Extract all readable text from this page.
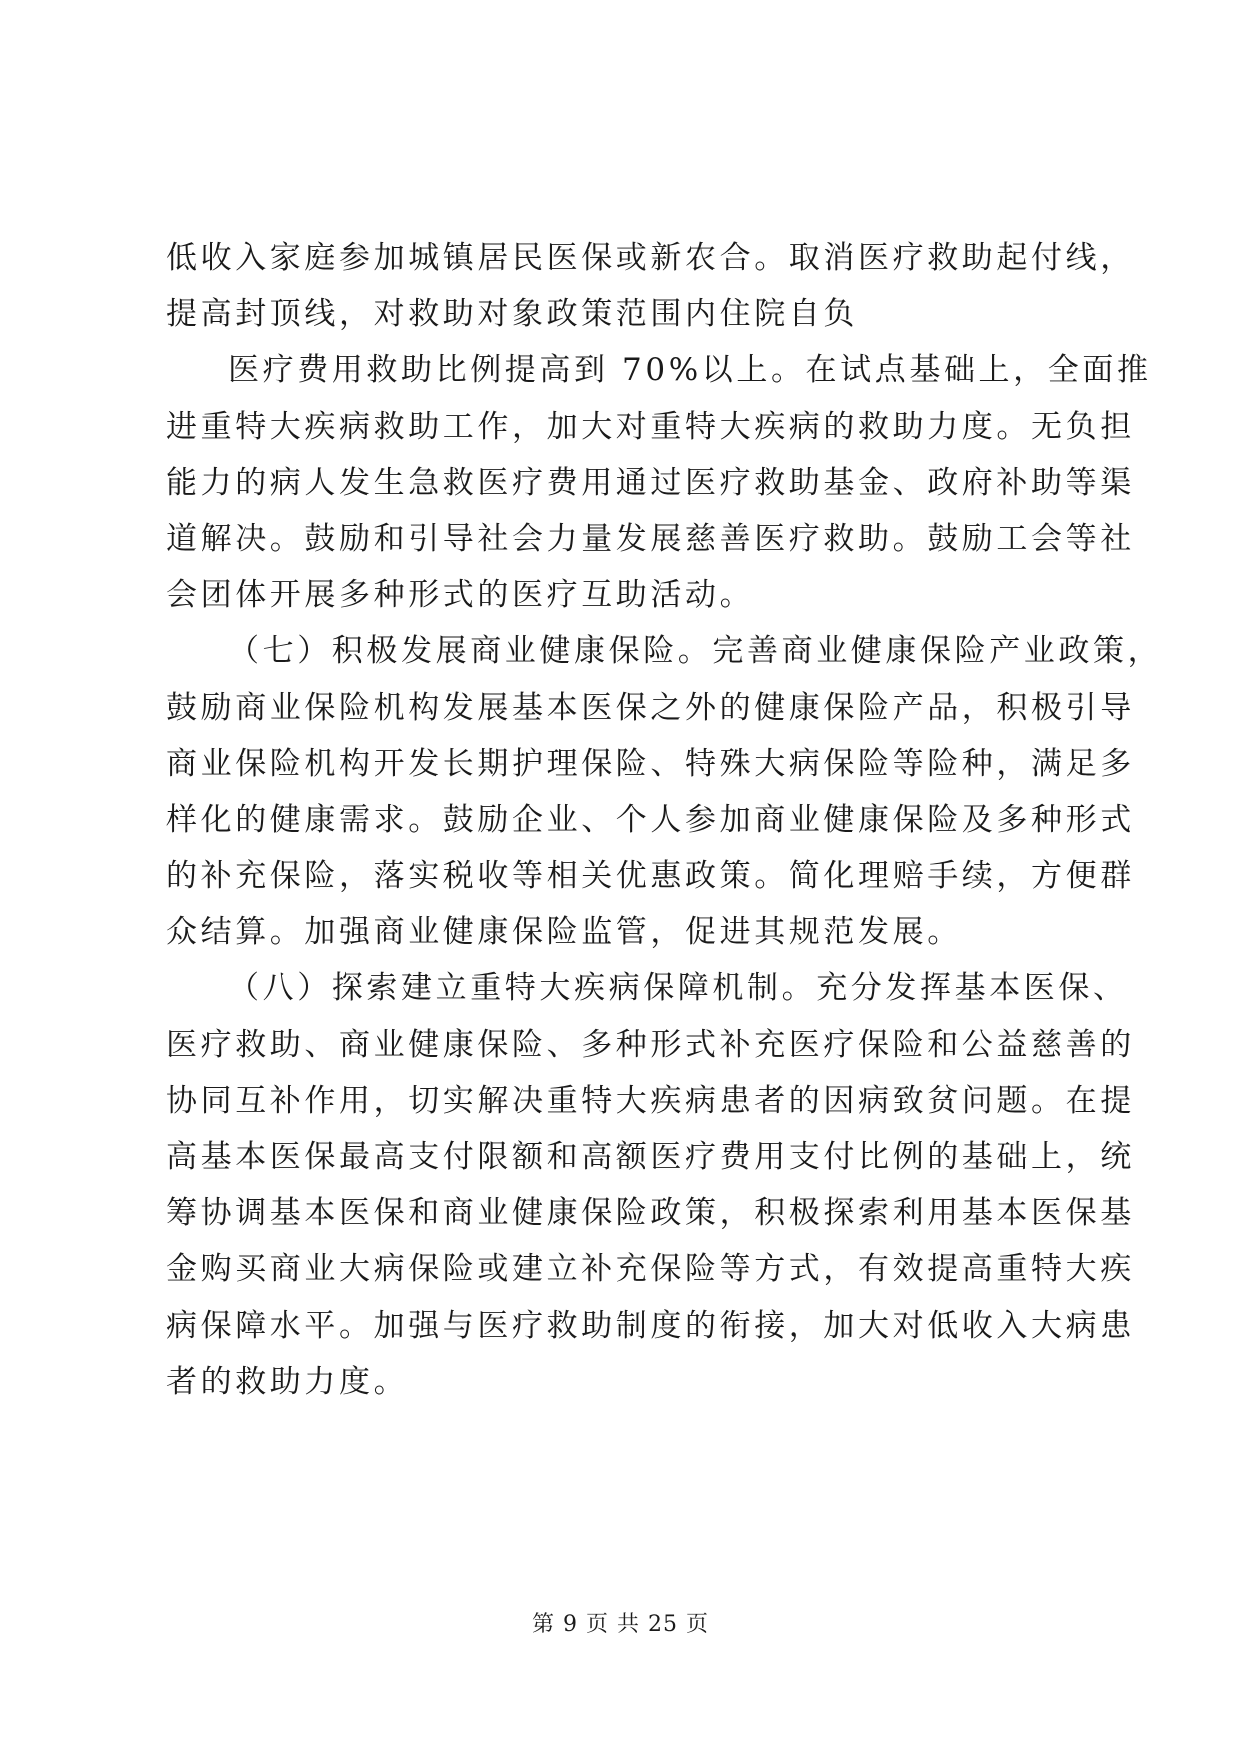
低收入家庭参加城镇居民医保或新农合。取消医疗救助起付线，
提高封顶线，对救助对象政策范围内住院自负
医疗费用救助比例提高到 70%以上。在试点基础上，全面推
进重特大疾病救助工作，加大对重特大疾病的救助力度。无负担
能力的病人发生急救医疗费用通过医疗救助基金、政府补助等渠
道解决。鼓励和引导社会力量发展慈善医疗救助。鼓励工会等社
会团体开展多种形式的医疗互助活动。
（七）积极发展商业健康保险。完善商业健康保险产业政策，
鼓励商业保险机构发展基本医保之外的健康保险产品，积极引导
商业保险机构开发长期护理保险、特殊大病保险等险种，满足多
样化的健康需求。鼓励企业、个人参加商业健康保险及多种形式
的补充保险，落实税收等相关优惠政策。简化理赔手续，方便群
众结算。加强商业健康保险监管，促进其规范发展。
（八）探索建立重特大疾病保障机制。充分发挥基本医保、
医疗救助、商业健康保险、多种形式补充医疗保险和公益慈善的
协同互补作用，切实解决重特大疾病患者的因病致贫问题。在提
高基本医保最高支付限额和高额医疗费用支付比例的基础上，统
筹协调基本医保和商业健康保险政策，积极探索利用基本医保基
金购买商业大病保险或建立补充保险等方式，有效提高重特大疾
病保障水平。加强与医疗救助制度的衔接，加大对低收入大病患
者的救助力度。
第 9 页 共 25 页
